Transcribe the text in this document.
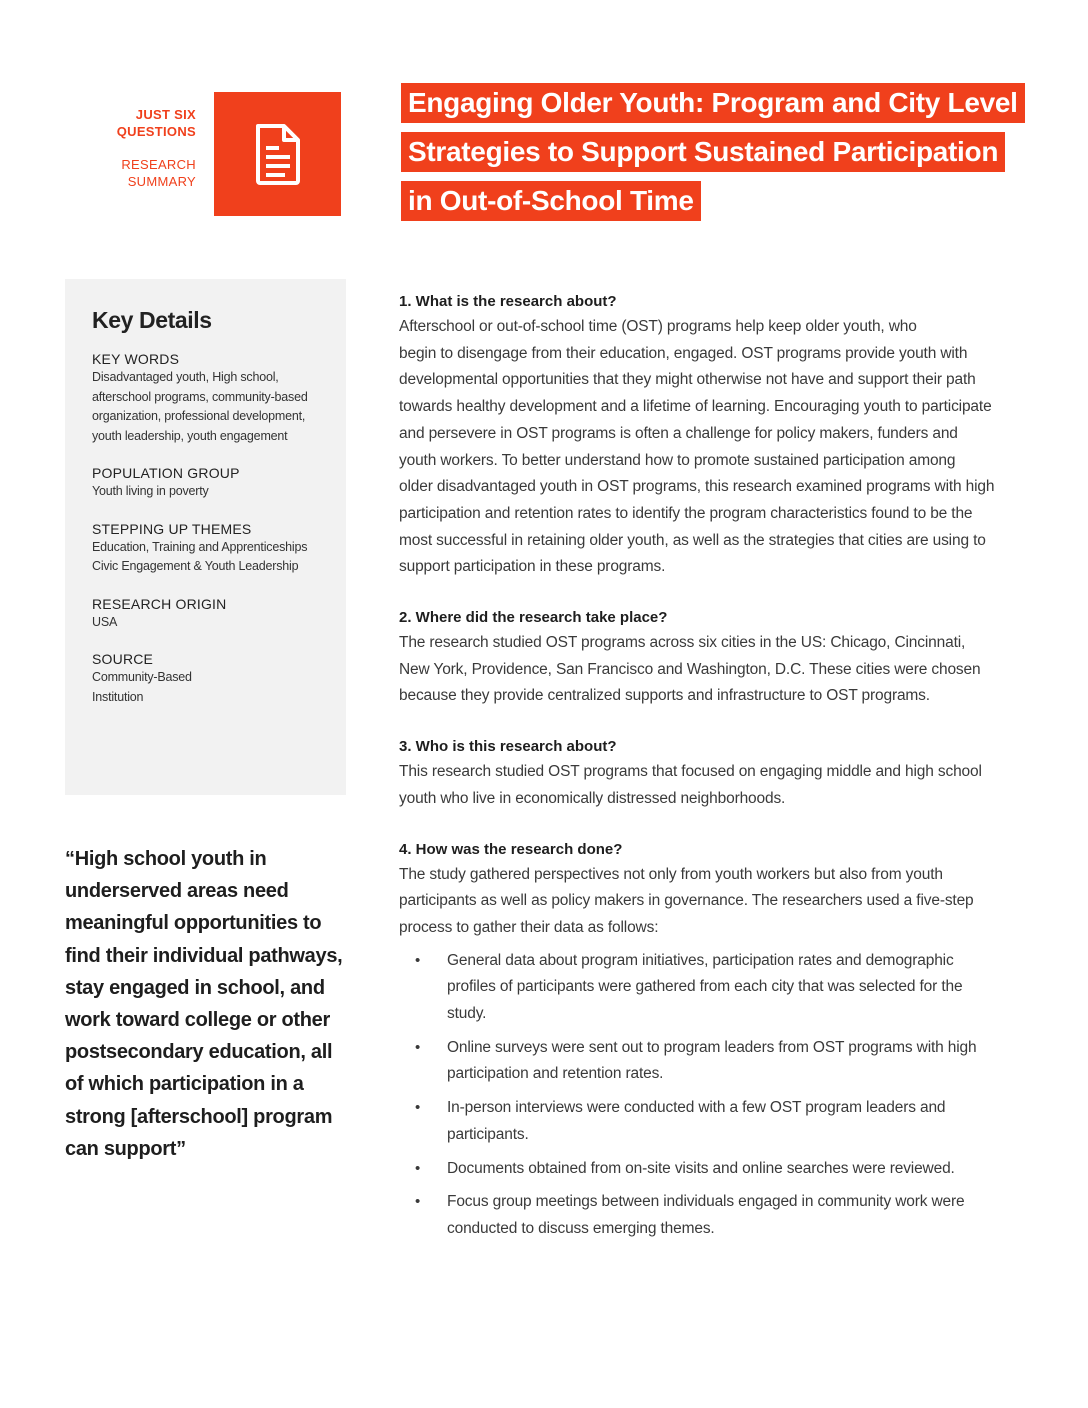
JUST SIX
QUESTIONS
RESEARCH
SUMMARY
Engaging Older Youth: Program and City Level
Strategies to Support Sustained Participation
in Out-of-School Time
Key Details
KEY WORDS
Disadvantaged youth, High school,
afterschool programs, community-based
organization, professional development,
youth leadership, youth engagement
POPULATION GROUP
Youth living in poverty
STEPPING UP THEMES
Education, Training and Apprenticeships
Civic Engagement & Youth Leadership
RESEARCH ORIGIN
USA
SOURCE
Community-Based
Institution
“High school youth in
underserved areas need
meaningful opportunities to
find their individual pathways,
stay engaged in school, and
work toward college or other
postsecondary education, all
of which participation in a
strong [afterschool] program
can support”
1. What is the research about?
Afterschool or out-of-school time (OST) programs help keep older youth, who
begin to disengage from their education, engaged. OST programs provide youth with
developmental opportunities that they might otherwise not have and support their path
towards healthy development and a lifetime of learning. Encouraging youth to participate
and persevere in OST programs is often a challenge for policy makers, funders and
youth workers. To better understand how to promote sustained participation among
older disadvantaged youth in OST programs, this research examined programs with high
participation and retention rates to identify the program characteristics found to be the
most successful in retaining older youth, as well as the strategies that cities are using to
support participation in these programs.
2. Where did the research take place?
The research studied OST programs across six cities in the US: Chicago, Cincinnati,
New York, Providence, San Francisco and Washington, D.C. These cities were chosen
because they provide centralized supports and infrastructure to OST programs.
3. Who is this research about?
This research studied OST programs that focused on engaging middle and high school
youth who live in economically distressed neighborhoods.
4. How was the research done?
The study gathered perspectives not only from youth workers but also from youth
participants as well as policy makers in governance. The researchers used a five-step
process to gather their data as follows:
• General data about program initiatives, participation rates and demographic
profiles of participants were gathered from each city that was selected for the
study.
• Online surveys were sent out to program leaders from OST programs with high
participation and retention rates.
• In-person interviews were conducted with a few OST program leaders and
participants.
• Documents obtained from on-site visits and online searches were reviewed.
• Focus group meetings between individuals engaged in community work were
conducted to discuss emerging themes.
